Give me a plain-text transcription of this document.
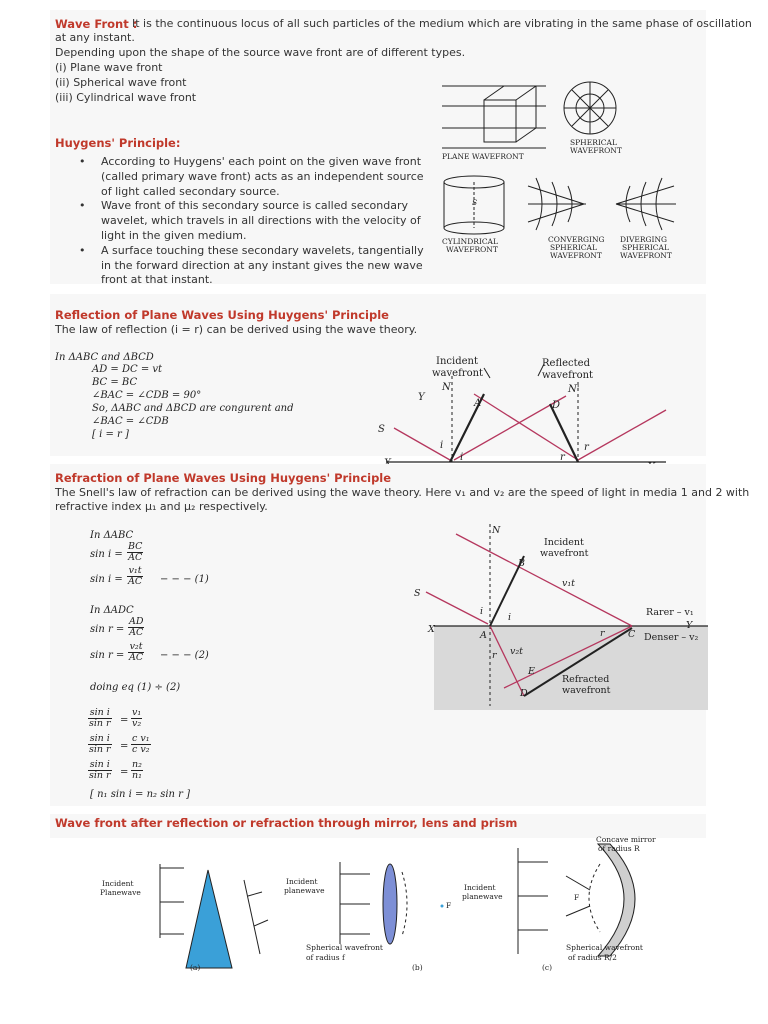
Wave Front :
It is the continuous locus of all such particles of the medium which are vibrating in the same phase of oscillation
at any instant.
Depending upon the shape of the source wave front are of different types.
(i) Plane wave front
(ii) Spherical wave front
(iii) Cylindrical wave front
Huygens' Principle:
• According to Huygens' each point on the given wave front (called primary wave front) acts as an independent source of light called secondary source.
• Wave front of this secondary source is called secondary wavelet, which travels in all directions with the velocity of light in the given medium.
• A surface touching these secondary wavelets, tangentially in the forward direction at any instant gives the new wave front at that instant.
PLANE WAVEFRONT
SPHERICAL
WAVEFRONT
S
CYLINDRICAL
WAVEFRONT
CONVERGING
SPHERICAL
WAVEFRONT
DIVERGING
SPHERICAL
WAVEFRONT
Reflection of Plane Waves Using Huygens' Principle
The law of reflection (i = r) can be derived using the wave theory.
In ΔABC and ΔBCD
AD = DC = vt
BC = BC
∠BAC = ∠CDB = 90°
So, ΔABC and ΔBCD are congurent and
∠BAC = ∠CDB
[ i = r ]
Incident
wavefront
Reflected
wavefront
N	N'
Y
S
A	D
i
i	r
r
Refraction of Plane Waves Using Huygens' Principle
The Snell's law of refraction can be derived using the wave theory. Here v₁ and v₂ are the speed of light in media 1 and 2 with
refractive index μ₁ and μ₂ respectively.
In ΔABC
$\sin i = \frac{BC}{AC}$
$\sin i = \frac{\text{v₁t}}{AC}$ − − − (1)
In ΔADC
$\sin r = \frac{AD}{AC}$
$\sin r = \frac{\text{v₂t}}{AC}$ − − − (2)
doing eq (1) ÷ (2)
$\frac{\text{sin i}}{\text{sin r}} = \frac{\text{v₁}}{\text{v₂}}$
$\frac{\text{sin i}}{\text{sin r}} = \frac{\text{c v₁}}{\text{c v₂}}$
$\frac{\text{sin i}}{\text{sin r}} = \frac{\text{n₂}}{\text{n₁}}$
[ n₁ sin i = n₂ sin r ]
N
Incident
wavefront
B
v₁t
S
i
i
X
A
r
r C
Rarer – v₁
Y
Denser – v₂
v₂t
E
D
Refracted
wavefront
Wave front after reflection or refraction through mirror, lens and prism
Incident
Planewave
(a)
Incident
planewave
Spherical wavefront
of radius f
(b)
F
Incident
planewave
(c)
F
Concave mirror
of radius R
Spherical wavefront
of radius R/2
